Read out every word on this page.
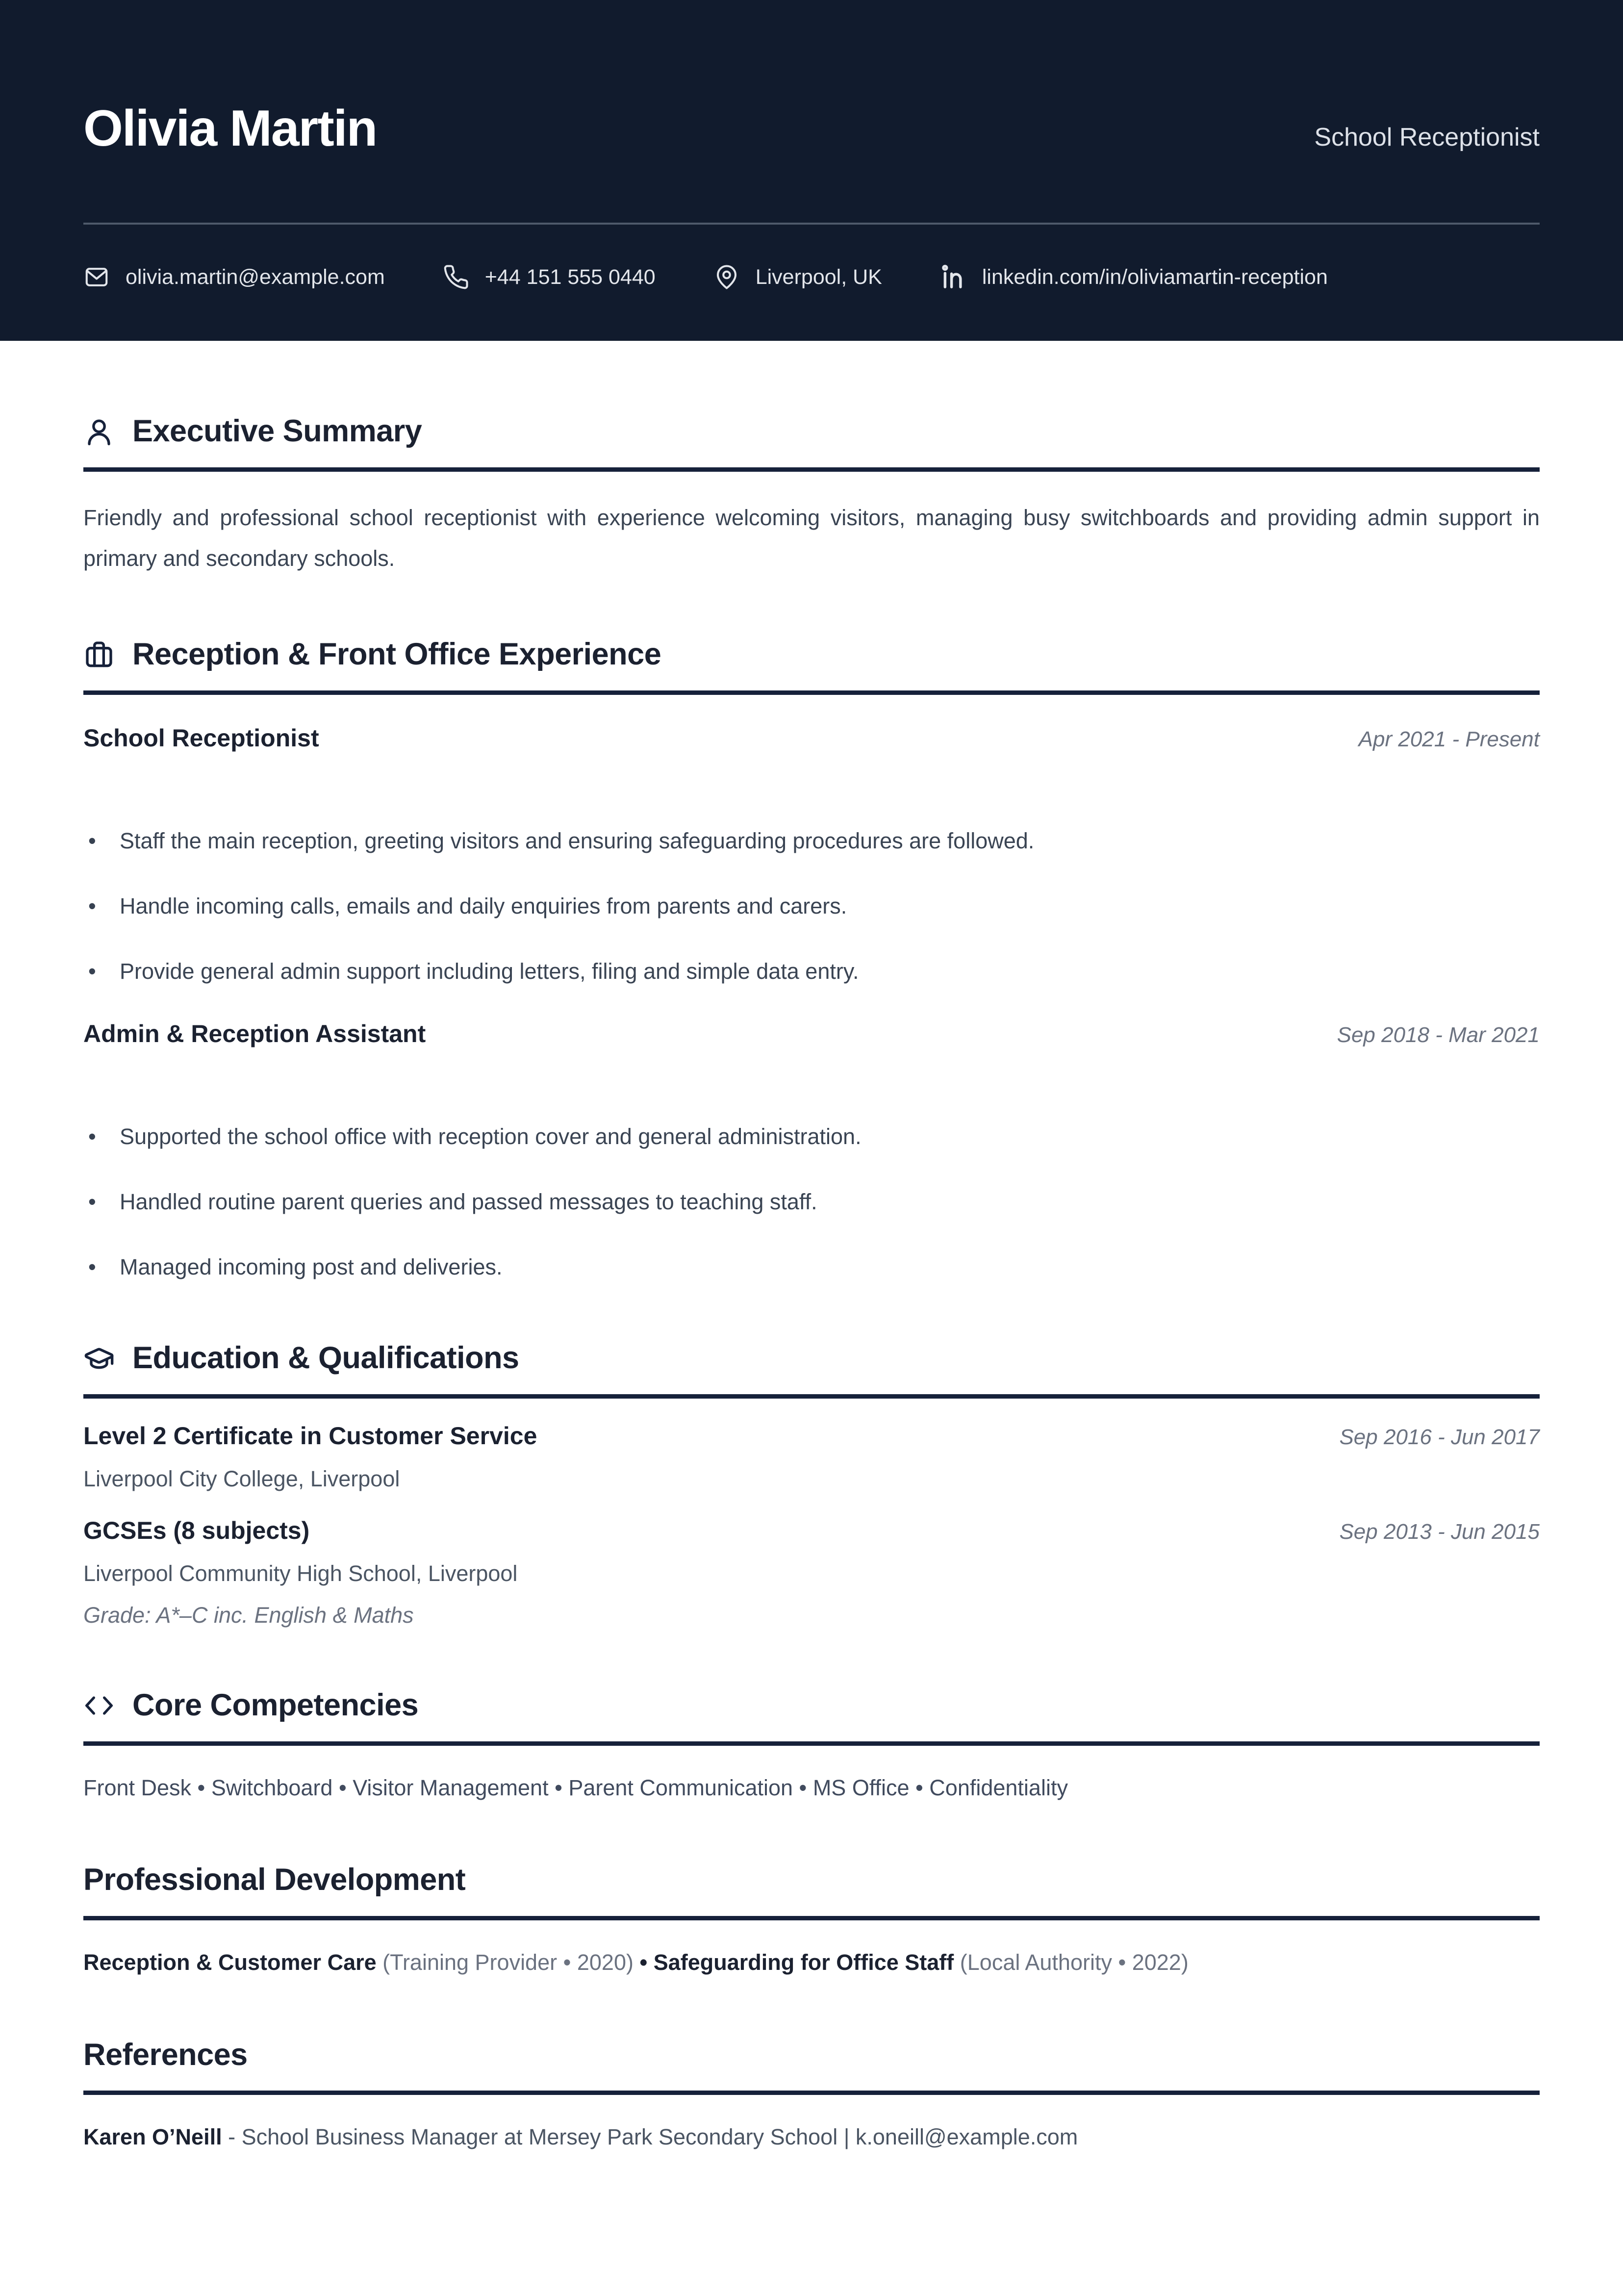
Olivia Martin	School Receptionist
olivia.martin@example.com	+44 151 555 0440	Liverpool, UK	linkedin.com/in/oliviamartin-reception
Executive Summary

Friendly and professional school receptionist with experience welcoming visitors, managing busy switchboards and providing admin support in primary and secondary schools.

Reception & Front Office Experience
School Receptionist	Apr 2021 - Present
• Staff the main reception, greeting visitors and ensuring safeguarding procedures are followed.
• Handle incoming calls, emails and daily enquiries from parents and carers.
• Provide general admin support including letters, filing and simple data entry.
Admin & Reception Assistant	Sep 2018 - Mar 2021
• Supported the school office with reception cover and general administration.
• Handled routine parent queries and passed messages to teaching staff.
• Managed incoming post and deliveries.
Education & Qualifications
Level 2 Certificate in Customer Service	Sep 2016 - Jun 2017
Liverpool City College, Liverpool
GCSEs (8 subjects)	Sep 2013 - Jun 2015
Liverpool Community High School, Liverpool
Grade: A*–C inc. English & Maths
Core Competencies

Front Desk • Switchboard • Visitor Management • Parent Communication • MS Office • Confidentiality

Professional Development

Reception & Customer Care (Training Provider • 2020) • Safeguarding for Office Staff (Local Authority • 2022)

References

Karen O’Neill - School Business Manager at Mersey Park Secondary School | k.oneill@example.com
